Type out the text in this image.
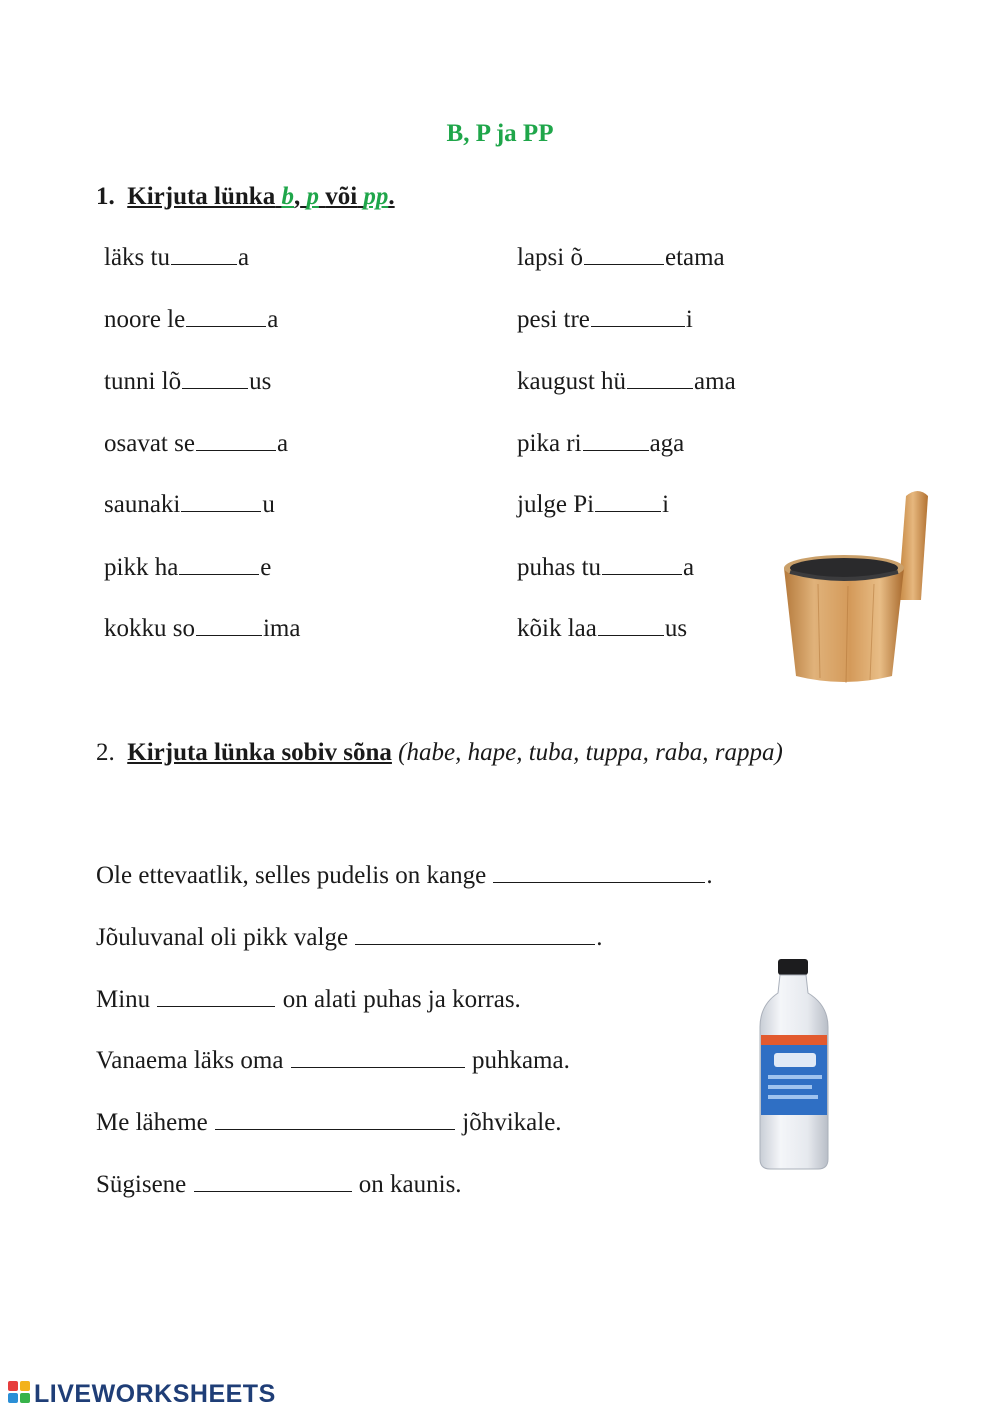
B, P ja PP
1. Kirjuta lünka b, p või pp.
läks tu	a
noore le	a
tunni lõ	us
osavat se	a
saunaki	u
pikk ha	e
kokku so	ima
lapsi õ	etama
pesi tre	i
kaugust hü	ama
pika ri	aga
julge Pi	i
puhas tu	a
kõik laa	us
2. Kirjuta lünka sobiv sõna (habe, hape, tuba, tuppa, raba, rappa)
Ole ettevaatlik, selles pudelis on kange	.
Jõuluvanal oli pikk valge	.
Minu	on alati puhas ja korras.
Vanaema läks oma	puhkama.
Me läheme	jõhvikale.
Sügisene	on kaunis.
LIVEWORKSHEETS
